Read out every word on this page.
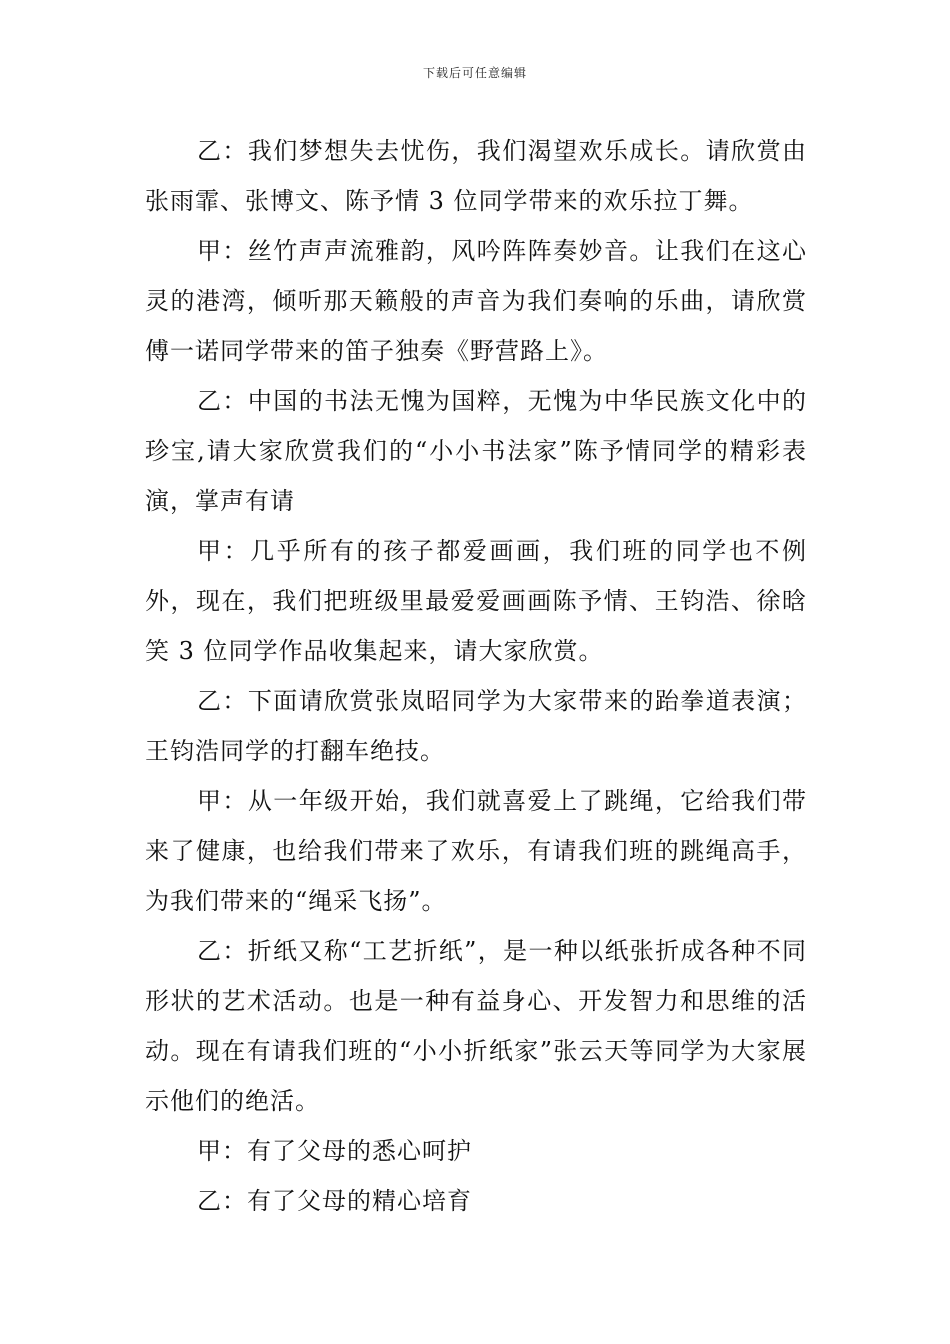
下载后可任意编辑

乙：我们梦想失去忧伤，我们渴望欢乐成长。请欣赏由张雨霏、张博文、陈予情 3 位同学带来的欢乐拉丁舞。

甲：丝竹声声流雅韵，风吟阵阵奏妙音。让我们在这心灵的港湾，倾听那天籁般的声音为我们奏响的乐曲，请欣赏傅一诺同学带来的笛子独奏《野营路上》。

乙：中国的书法无愧为国粹，无愧为中华民族文化中的珍宝,请大家欣赏我们的“小小书法家”陈予情同学的精彩表演，掌声有请

甲：几乎所有的孩子都爱画画，我们班的同学也不例外，现在，我们把班级里最爱爱画画陈予情、王钧浩、徐晗笑 3 位同学作品收集起来，请大家欣赏。

乙：下面请欣赏张岚昭同学为大家带来的跆拳道表演；王钧浩同学的打翻车绝技。

甲：从一年级开始，我们就喜爱上了跳绳，它给我们带来了健康，也给我们带来了欢乐，有请我们班的跳绳高手，为我们带来的“绳采飞扬”。

乙：折纸又称“工艺折纸”，是一种以纸张折成各种不同形状的艺术活动。也是一种有益身心、开发智力和思维的活动。现在有请我们班的“小小折纸家”张云天等同学为大家展示他们的绝活。

甲：有了父母的悉心呵护

乙：有了父母的精心培育
